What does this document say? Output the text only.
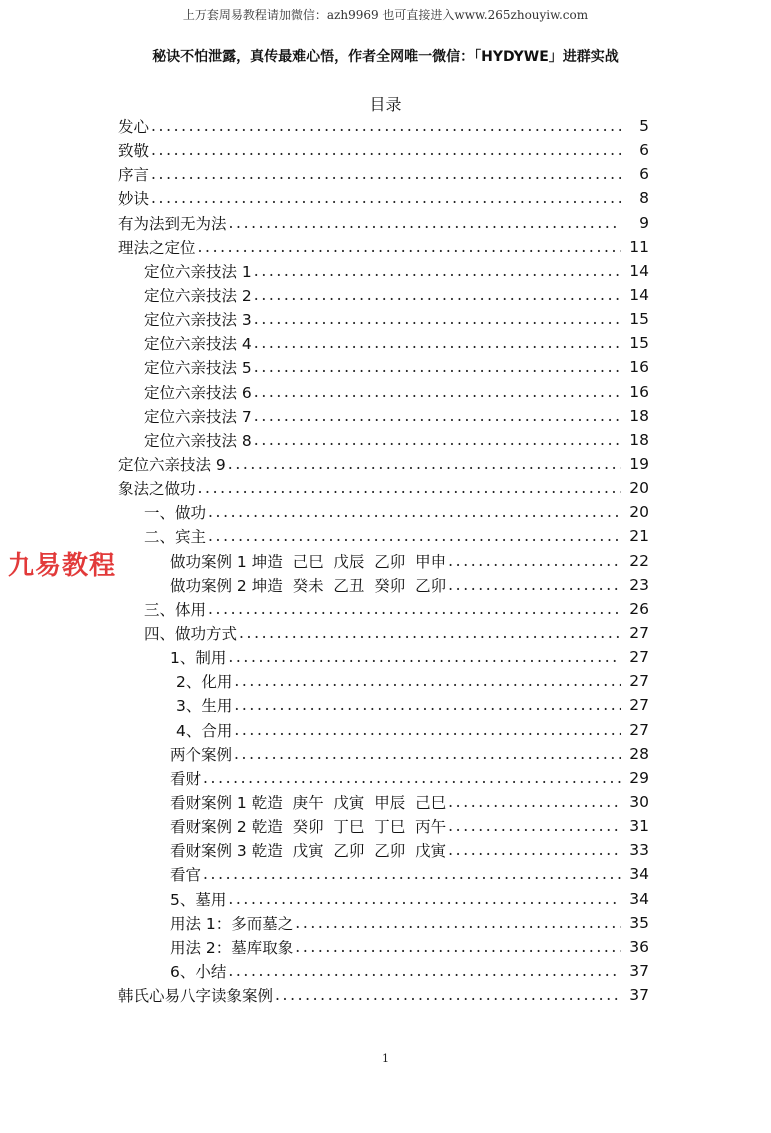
上万套周易教程请加微信：azh9969 也可直接进入www.265zhouyiw.com
秘诀不怕泄露，真传最难心悟，作者全网唯一微信：「HYDYWE」进群实战
目录
发心 .....	5
致敬 .....	6
序言 .....	6
妙诀 .....	8
有为法到无为法 .....	9
理法之定位 .....	11
定位六亲技法 1 .....	14
定位六亲技法 2 .....	14
定位六亲技法 3 .....	15
定位六亲技法 4 .....	15
定位六亲技法 5 .....	16
定位六亲技法 6 .....	16
定位六亲技法 7 .....	18
定位六亲技法 8 .....	18
定位六亲技法 9 .....	19
象法之做功 .....	20
一、做功 .....	20
二、宾主 .....	21
做功案例 1 坤造  己巳  戊辰  乙卯  甲申 .....	22
做功案例 2 坤造  癸未  乙丑  癸卯  乙卯 .....	23
三、体用 .....	26
四、做功方式 .....	27
1、制用 .....	27
2、化用 .....	27
3、生用 .....	27
4、合用 .....	27
两个案例 .....	28
看财 .....	29
看财案例 1 乾造  庚午  戊寅  甲辰  己巳 .....	30
看财案例 2 乾造  癸卯  丁巳  丁巳  丙午 .....	31
看财案例 3 乾造  戊寅  乙卯  乙卯  戊寅 .....	33
看官 .....	34
5、墓用 .....	34
用法 1：多而墓之 .....	35
用法 2：墓库取象 .....	36
6、小结 .....	37
韩氏心易八字读象案例 .....	37
九易教程
1
